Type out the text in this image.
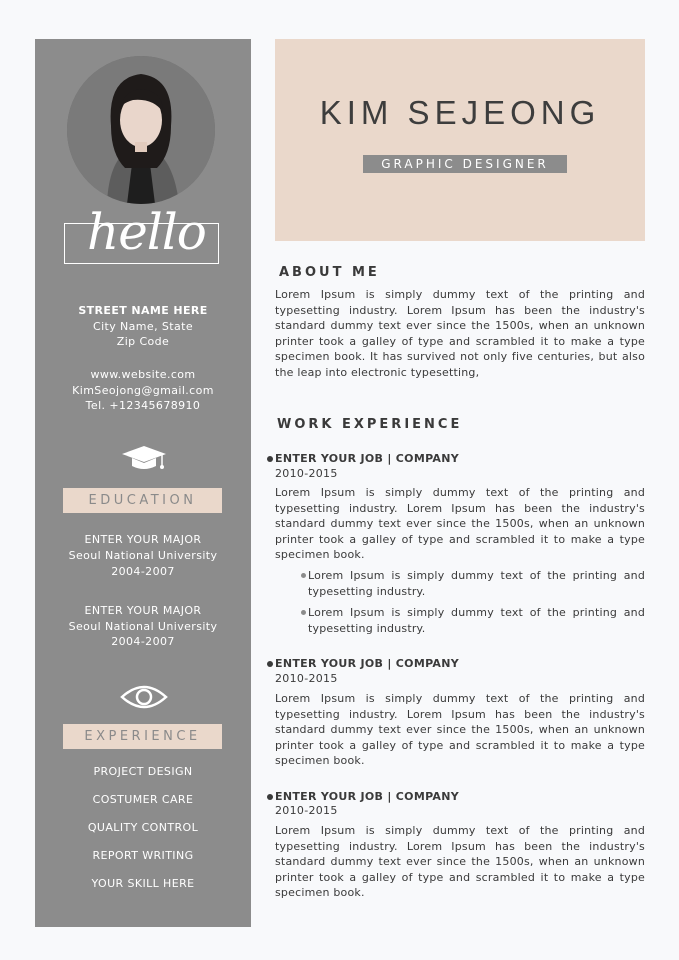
hello
STREET NAME HERE
City Name, State
Zip Code
www.website.com
KimSeojong@gmail.com
Tel. +12345678910
EDUCATION
ENTER YOUR MAJOR
Seoul National University
2004-2007
ENTER YOUR MAJOR
Seoul National University
2004-2007
EXPERIENCE
PROJECT DESIGN
COSTUMER CARE
QUALITY CONTROL
REPORT WRITING
YOUR SKILL HERE
KIM SEJEONG
GRAPHIC DESIGNER
ABOUT ME
Lorem Ipsum is simply dummy text of the printing and typesetting industry. Lorem Ipsum has been the industry's standard dummy text ever since the 1500s, when an unknown printer took a galley of type and scrambled it to make a type specimen book. It has survived not only five centuries, but also the leap into electronic typesetting,
WORK EXPERIENCE
ENTER YOUR JOB | COMPANY
2010-2015
Lorem Ipsum is simply dummy text of the printing and typesetting industry. Lorem Ipsum has been the industry's standard dummy text ever since the 1500s, when an unknown printer took a galley of type and scrambled it to make a type specimen book.
Lorem Ipsum is simply dummy text of the printing and typesetting industry.
Lorem Ipsum is simply dummy text of the printing and typesetting industry.
ENTER YOUR JOB | COMPANY
2010-2015
Lorem Ipsum is simply dummy text of the printing and typesetting industry. Lorem Ipsum has been the industry's standard dummy text ever since the 1500s, when an unknown printer took a galley of type and scrambled it to make a type specimen book.
ENTER YOUR JOB | COMPANY
2010-2015
Lorem Ipsum is simply dummy text of the printing and typesetting industry. Lorem Ipsum has been the industry's standard dummy text ever since the 1500s, when an unknown printer took a galley of type and scrambled it to make a type specimen book.
